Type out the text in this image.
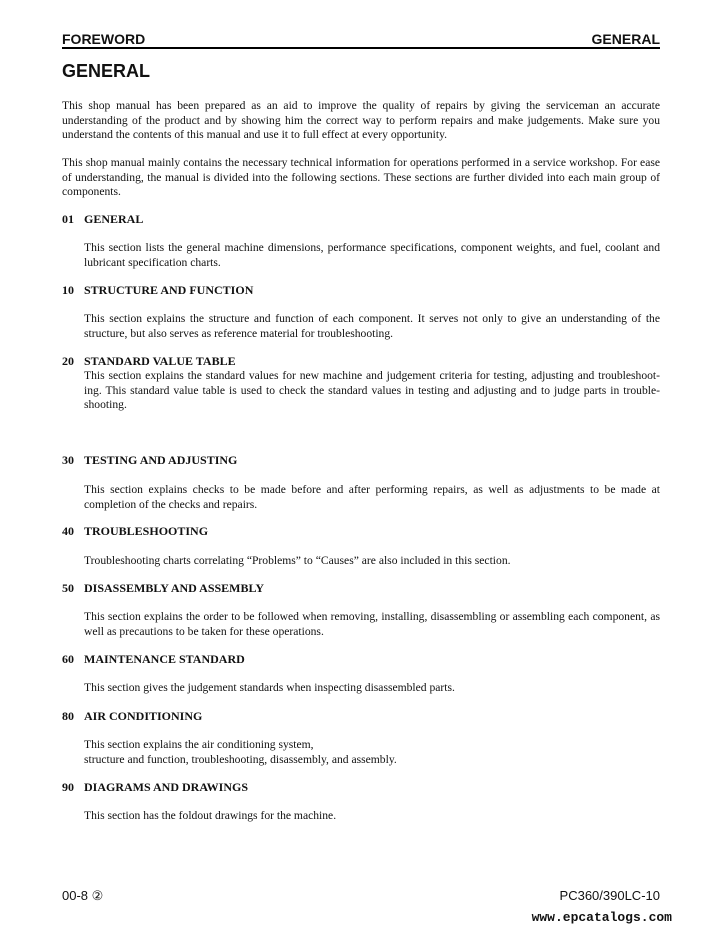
FOREWORD	GENERAL
GENERAL
This shop manual has been prepared as an aid to improve the quality of repairs by giving the serviceman an accurate understanding of the product and by showing him the correct way to perform repairs and make judgements. Make sure you understand the contents of this manual and use it to full effect at every opportunity.
This shop manual mainly contains the necessary technical information for operations performed in a service workshop. For ease of understanding, the manual is divided into the following sections. These sections are further divided into each main group of components.
01 GENERAL
This section lists the general machine dimensions, performance specifications, component weights, and fuel, coolant and lubricant specification charts.
10 STRUCTURE AND FUNCTION
This section explains the structure and function of each component. It serves not only to give an understanding of the structure, but also serves as reference material for troubleshooting.
20 STANDARD VALUE TABLE
This section explains the standard values for new machine and judgement criteria for testing, adjusting and troubleshoot-ing. This standard value table is used to check the standard values in testing and adjusting and to judge parts in trouble-shooting.
30 TESTING AND ADJUSTING
This section explains checks to be made before and after performing repairs, as well as adjustments to be made at completion of the checks and repairs.
40 TROUBLESHOOTING
Troubleshooting charts correlating “Problems” to “Causes” are also included in this section.
50 DISASSEMBLY AND ASSEMBLY
This section explains the order to be followed when removing, installing, disassembling or assembling each component, as well as precautions to be taken for these operations.
60 MAINTENANCE STANDARD
This section gives the judgement standards when inspecting disassembled parts.
80 AIR CONDITIONING
This section explains the air conditioning system,
structure and function, troubleshooting, disassembly, and assembly.
90 DIAGRAMS AND DRAWINGS
This section has the foldout drawings for the machine.
00-8 ②	PC360/390LC-10
www.epcatalogs.com
